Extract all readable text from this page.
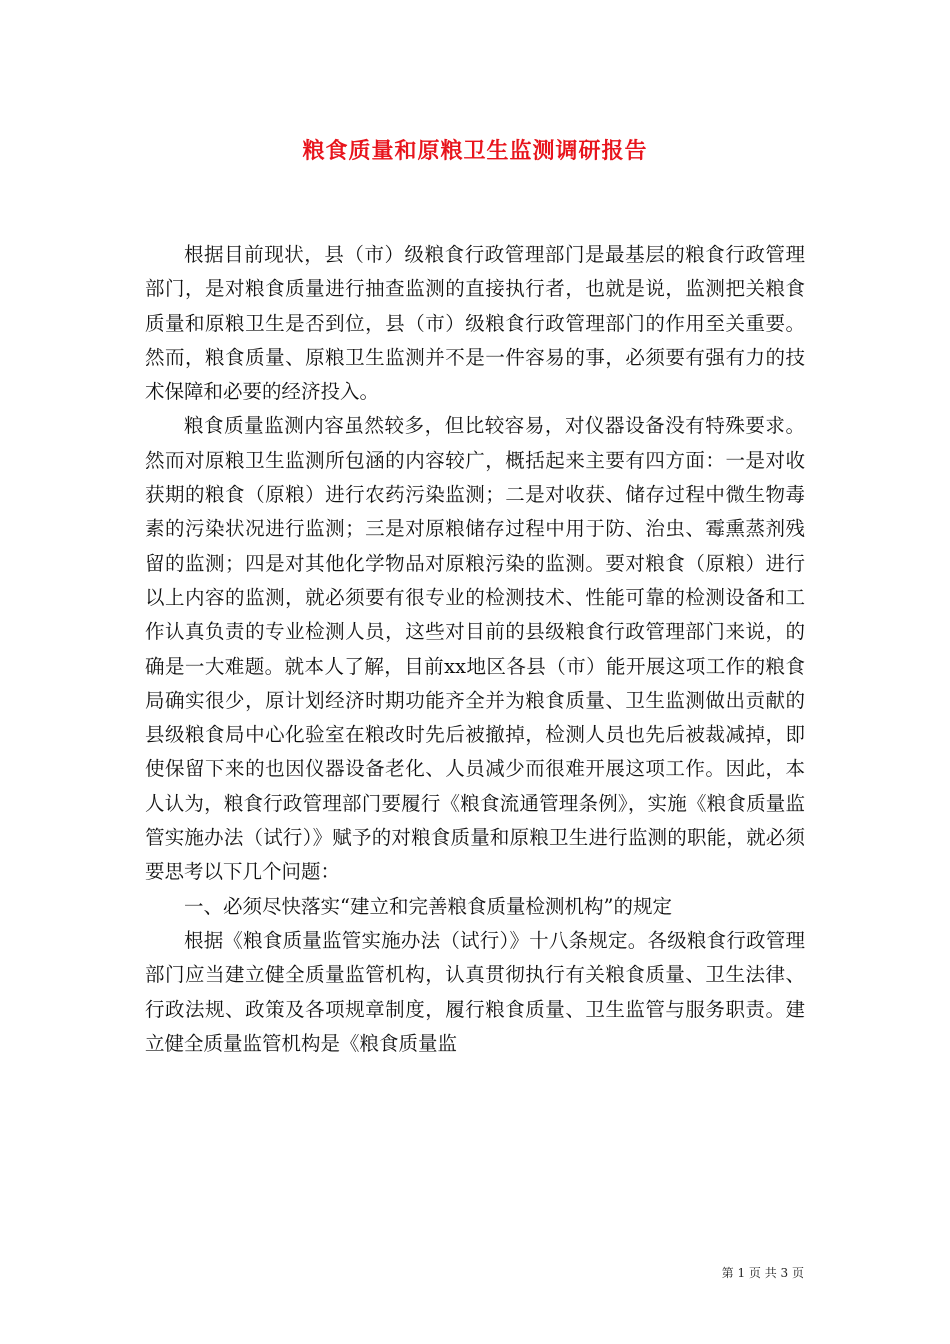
粮食质量和原粮卫生监测调研报告

根据目前现状，县（市）级粮食行政管理部门是最基层的粮食行政管理部门，是对粮食质量进行抽查监测的直接执行者，也就是说，监测把关粮食质量和原粮卫生是否到位，县（市）级粮食行政管理部门的作用至关重要。然而，粮食质量、原粮卫生监测并不是一件容易的事，必须要有强有力的技术保障和必要的经济投入。

粮食质量监测内容虽然较多，但比较容易，对仪器设备没有特殊要求。然而对原粮卫生监测所包涵的内容较广，概括起来主要有四方面：一是对收获期的粮食（原粮）进行农药污染监测；二是对收获、储存过程中微生物毒素的污染状况进行监测；三是对原粮储存过程中用于防、治虫、霉熏蒸剂残留的监测；四是对其他化学物品对原粮污染的监测。要对粮食（原粮）进行以上内容的监测，就必须要有很专业的检测技术、性能可靠的检测设备和工作认真负责的专业检测人员，这些对目前的县级粮食行政管理部门来说，的确是一大难题。就本人了解，目前xx地区各县（市）能开展这项工作的粮食局确实很少，原计划经济时期功能齐全并为粮食质量、卫生监测做出贡献的县级粮食局中心化验室在粮改时先后被撤掉，检测人员也先后被裁减掉，即使保留下来的也因仪器设备老化、人员减少而很难开展这项工作。因此，本人认为，粮食行政管理部门要履行《粮食流通管理条例》，实施《粮食质量监管实施办法（试行）》赋予的对粮食质量和原粮卫生进行监测的职能，就必须要思考以下几个问题：

一、必须尽快落实“建立和完善粮食质量检测机构”的规定

根据《粮食质量监管实施办法（试行）》十八条规定。各级粮食行政管理部门应当建立健全质量监管机构，认真贯彻执行有关粮食质量、卫生法律、行政法规、政策及各项规章制度，履行粮食质量、卫生监管与服务职责。建立健全质量监管机构是《粮食质量监

第 1 页 共 3 页
